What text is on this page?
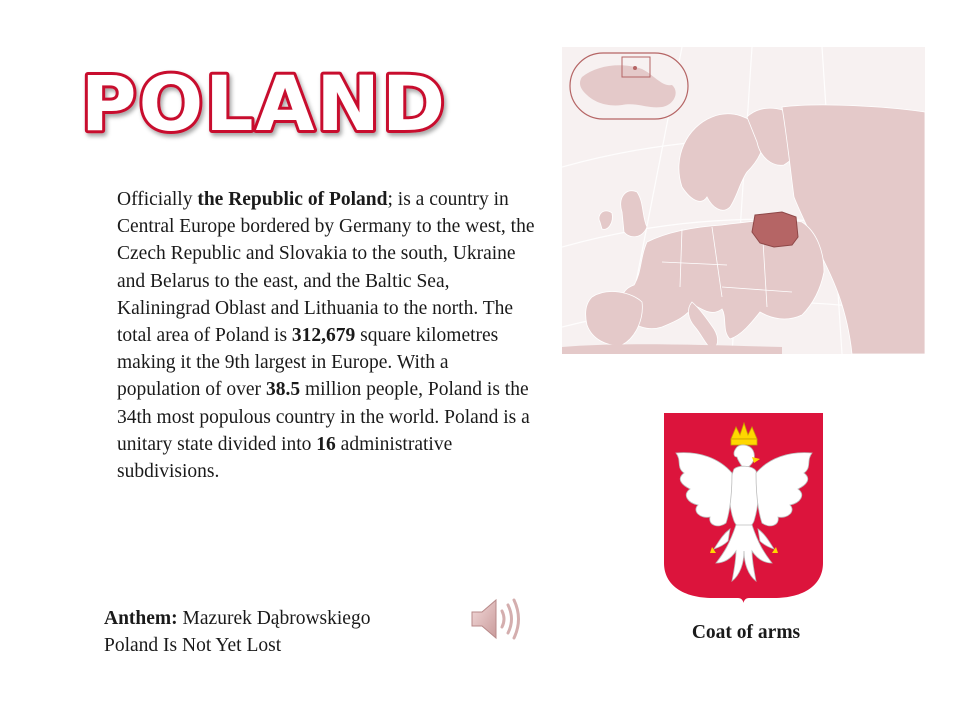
POLAND
Officially the Republic of Poland; is a country in Central Europe bordered by Germany to the west, the Czech Republic and Slovakia to the south, Ukraine and Belarus to the east, and the Baltic Sea, Kaliningrad Oblast and Lithuania to the north. The total area of Poland is 312,679 square kilometres making it the 9th largest in Europe. With a population of over 38.5 million people, Poland is the 34th most populous country in the world. Poland is a unitary state divided into 16 administrative subdivisions.
Coat of arms
Anthem: Mazurek Dąbrowskiego
Poland Is Not Yet Lost
